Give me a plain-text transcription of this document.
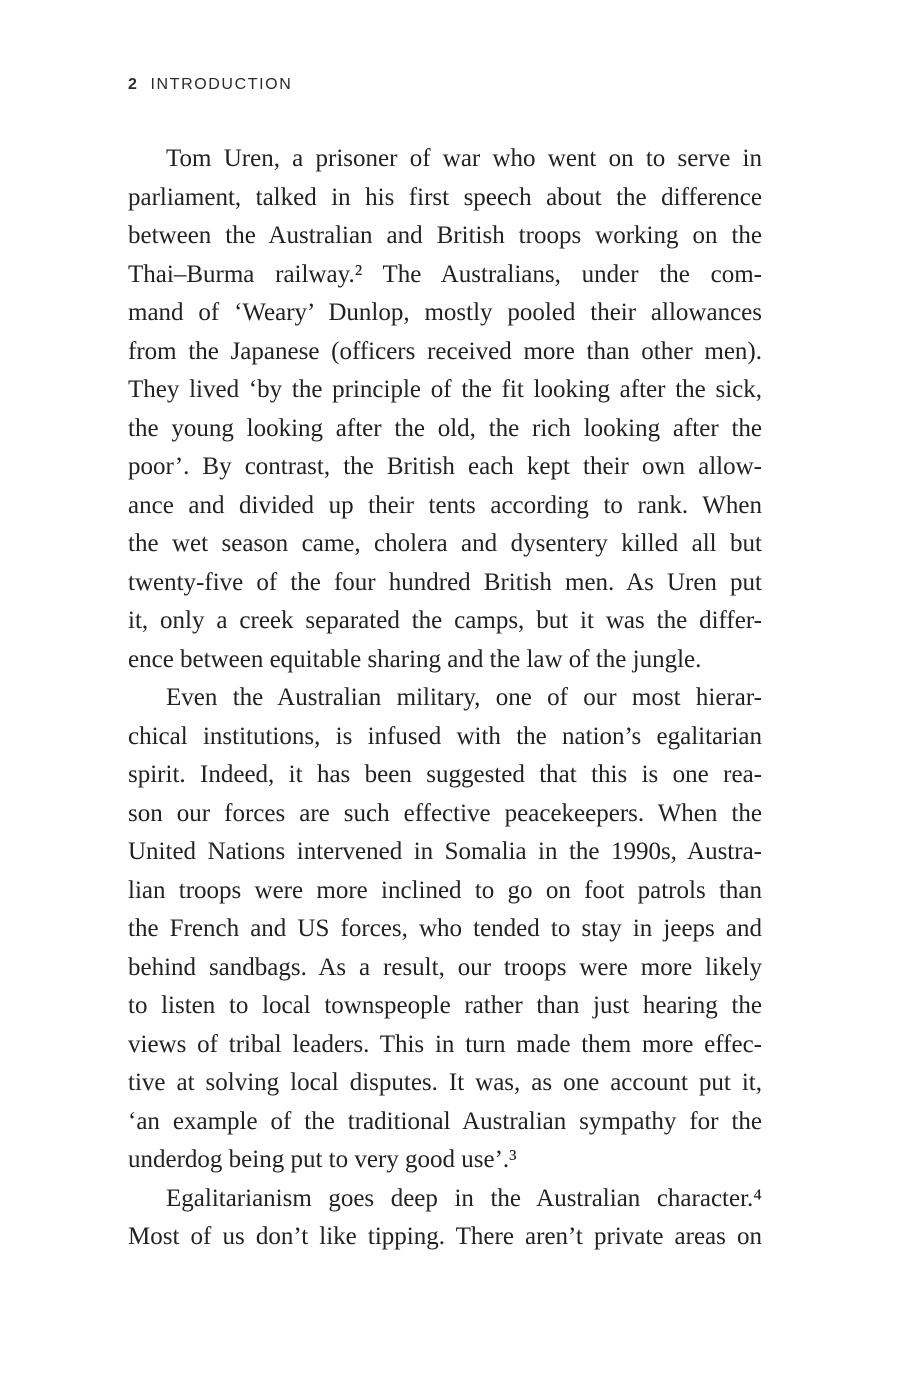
2 INTRODUCTION
Tom Uren, a prisoner of war who went on to serve in
parliament, talked in his first speech about the difference
between the Australian and British troops working on the
Thai–Burma railway.² The Australians, under the com-
mand of ‘Weary’ Dunlop, mostly pooled their allowances
from the Japanese (officers received more than other men).
They lived ‘by the principle of the fit looking after the sick,
the young looking after the old, the rich looking after the
poor’. By contrast, the British each kept their own allow-
ance and divided up their tents according to rank. When
the wet season came, cholera and dysentery killed all but
twenty-five of the four hundred British men. As Uren put
it, only a creek separated the camps, but it was the differ-
ence between equitable sharing and the law of the jungle.
Even the Australian military, one of our most hierar-
chical institutions, is infused with the nation’s egalitarian
spirit. Indeed, it has been suggested that this is one rea-
son our forces are such effective peacekeepers. When the
United Nations intervened in Somalia in the 1990s, Austra-
lian troops were more inclined to go on foot patrols than
the French and US forces, who tended to stay in jeeps and
behind sandbags. As a result, our troops were more likely
to listen to local townspeople rather than just hearing the
views of tribal leaders. This in turn made them more effec-
tive at solving local disputes. It was, as one account put it,
‘an example of the traditional Australian sympathy for the
underdog being put to very good use’.³
Egalitarianism goes deep in the Australian character.⁴
Most of us don’t like tipping. There aren’t private areas on
